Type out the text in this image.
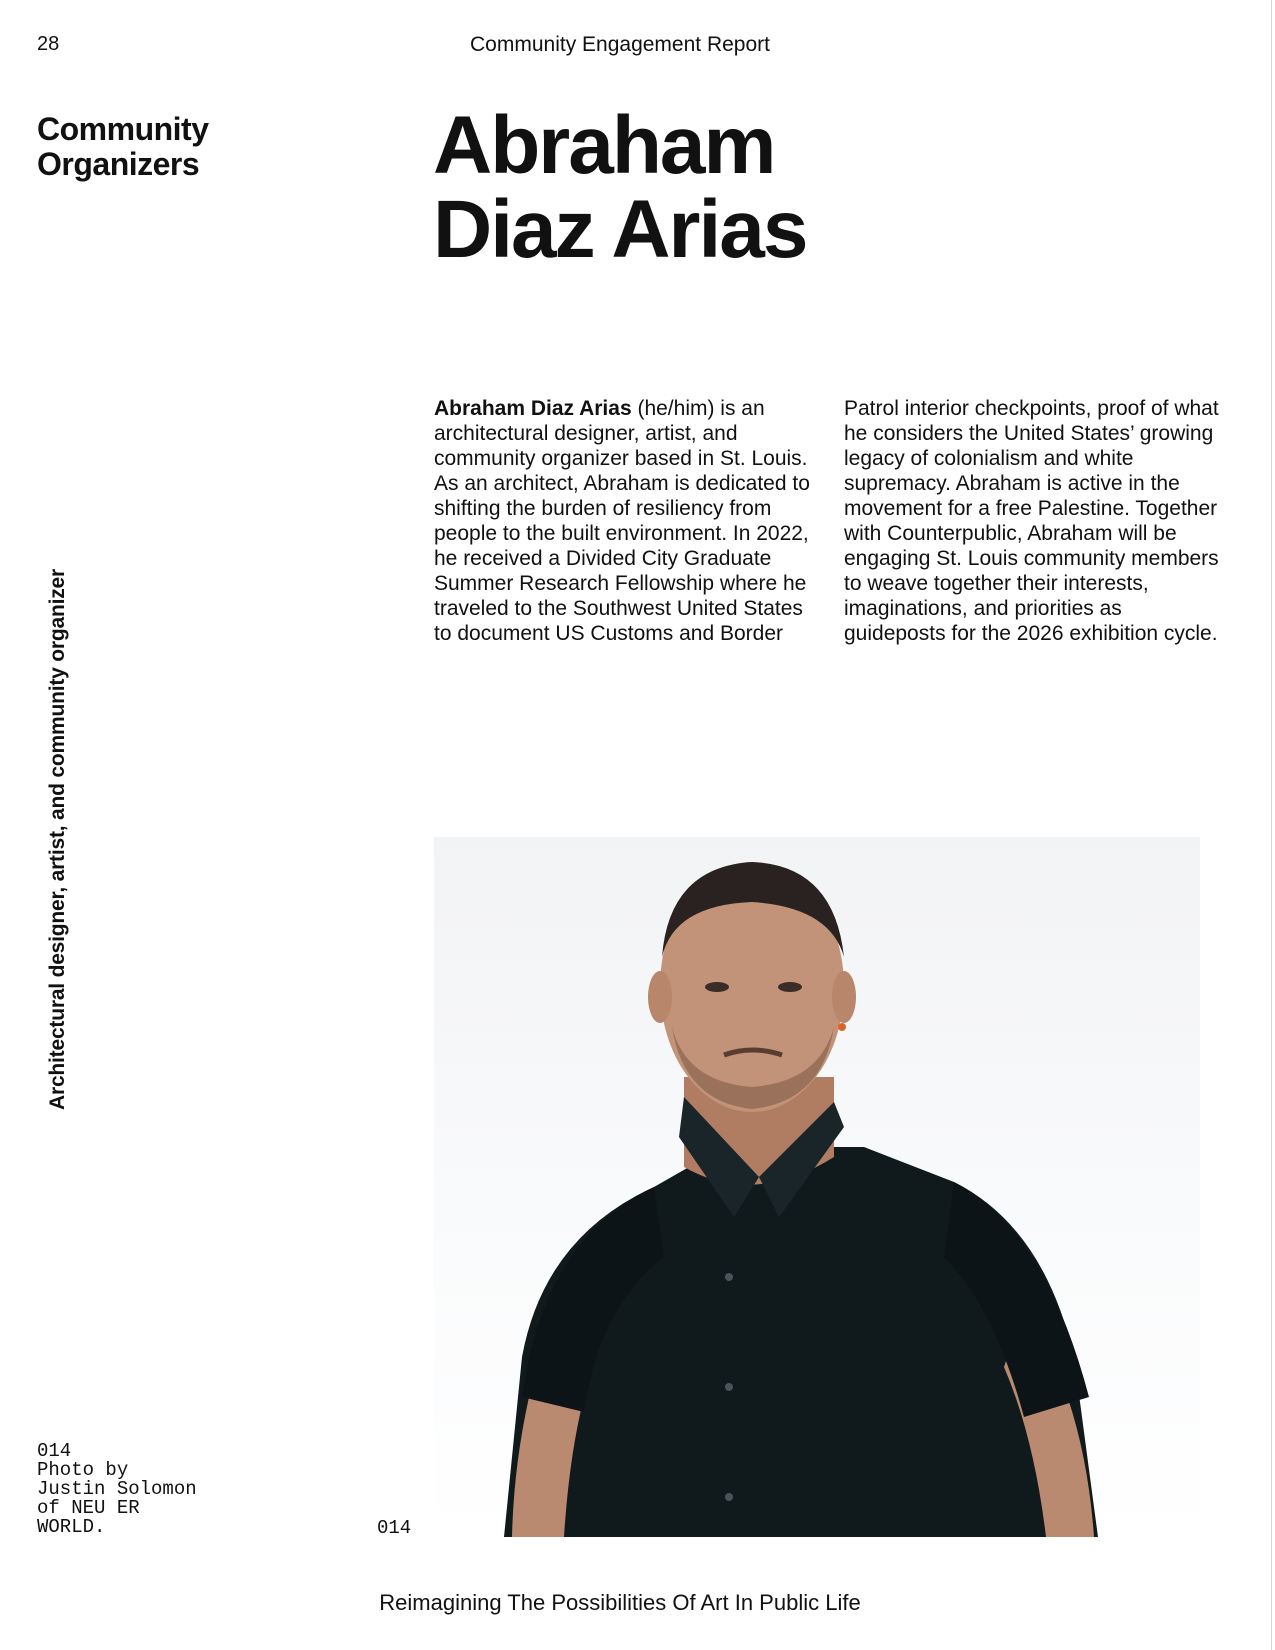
28	Community Engagement Report
Community
Organizers	Abraham
Diaz Arias
Architectural designer, artist, and community organizer
Abraham Diaz Arias (he/him) is an architectural designer, artist, and community organizer based in St. Louis. As an architect, Abraham is dedicated to shifting the burden of resiliency from people to the built environment. In 2022, he received a Divided City Graduate Summer Research Fellowship where he traveled to the Southwest United States to document US Customs and Border Patrol interior checkpoints, proof of what he considers the United States’ growing legacy of colonialism and white supremacy. Abraham is active in the movement for a free Palestine. Together with Counterpublic, Abraham will be engaging St. Louis community members to weave together their interests, imaginations, and priorities as guideposts for the 2026 exhibition cycle.
014
Photo by
Justin Solomon
of NEU ER
WORLD.	014
Reimagining The Possibilities Of Art In Public Life
